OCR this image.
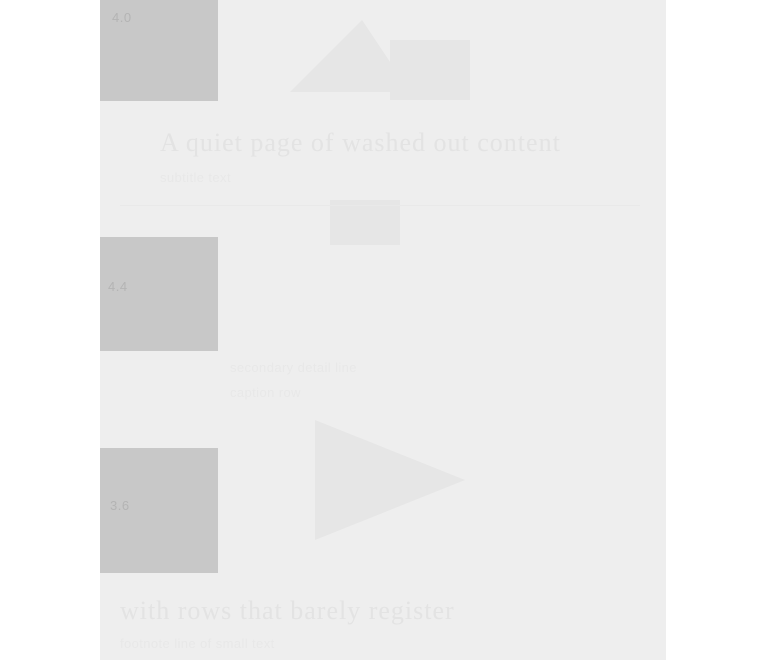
A quiet page of washed out content
subtitle text
secondary detail line
caption row
with rows that barely register
footnote line of small text
4.0
4.4
3.6
